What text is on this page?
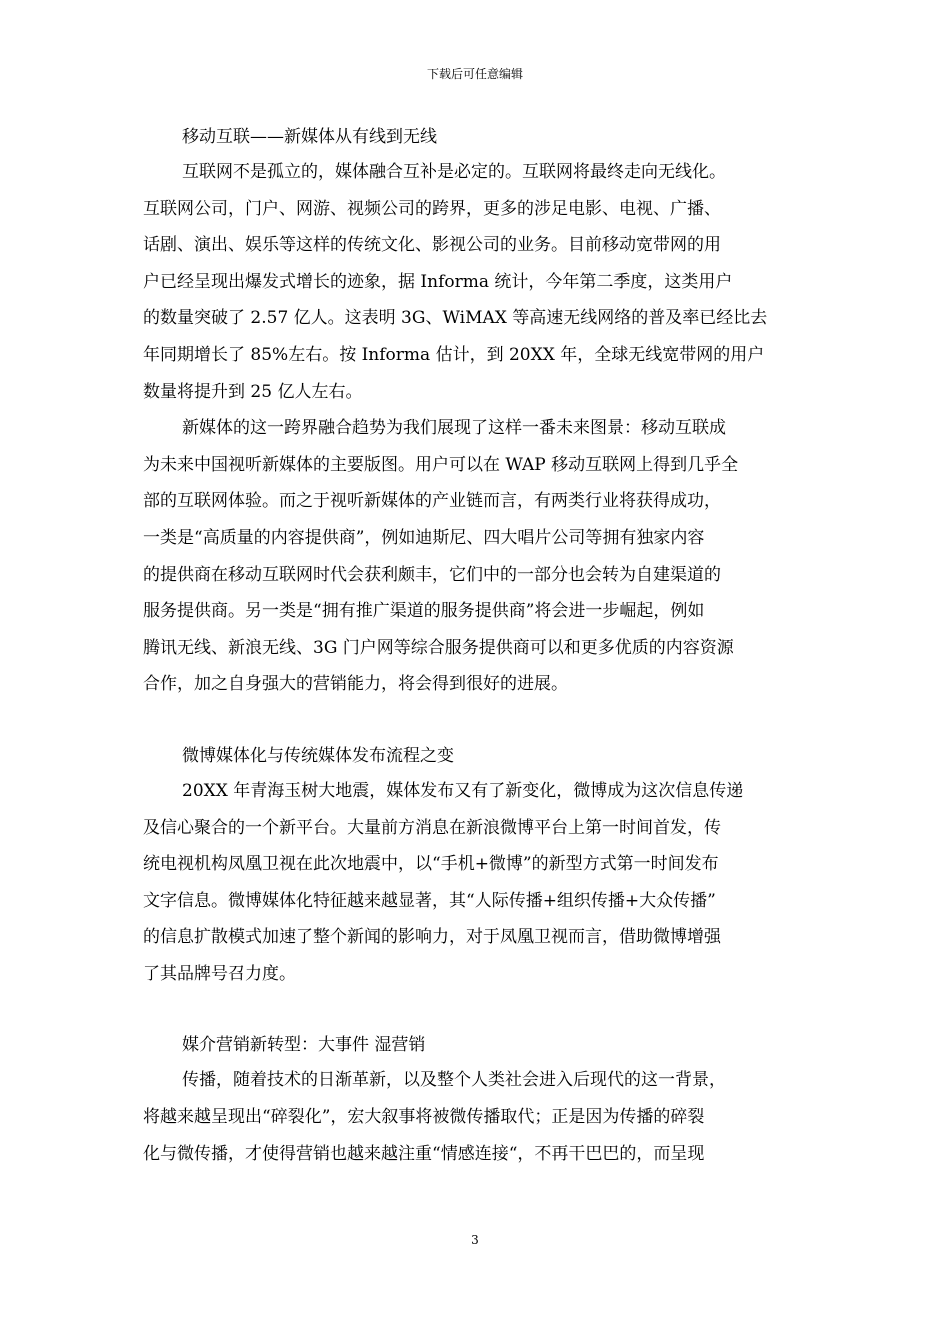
下载后可任意编辑
移动互联——新媒体从有线到无线
互联网不是孤立的，媒体融合互补是必定的。互联网将最终走向无线化。
互联网公司，门户、网游、视频公司的跨界，更多的涉足电影、电视、广播、
话剧、演出、娱乐等这样的传统文化、影视公司的业务。目前移动宽带网的用
户已经呈现出爆发式增长的迹象，据 Informa 统计，今年第二季度，这类用户
的数量突破了 2.57 亿人。这表明 3G、WiMAX 等高速无线网络的普及率已经比去
年同期增长了 85%左右。按 Informa 估计，到 20XX 年，全球无线宽带网的用户
数量将提升到 25 亿人左右。
新媒体的这一跨界融合趋势为我们展现了这样一番未来图景：移动互联成
为未来中国视听新媒体的主要版图。用户可以在 WAP 移动互联网上得到几乎全
部的互联网体验。而之于视听新媒体的产业链而言，有两类行业将获得成功，
一类是“高质量的内容提供商”，例如迪斯尼、四大唱片公司等拥有独家内容
的提供商在移动互联网时代会获利颇丰，它们中的一部分也会转为自建渠道的
服务提供商。另一类是“拥有推广渠道的服务提供商”将会进一步崛起，例如
腾讯无线、新浪无线、3G 门户网等综合服务提供商可以和更多优质的内容资源
合作，加之自身强大的营销能力，将会得到很好的进展。
微博媒体化与传统媒体发布流程之变
20XX 年青海玉树大地震，媒体发布又有了新变化，微博成为这次信息传递
及信心聚合的一个新平台。大量前方消息在新浪微博平台上第一时间首发，传
统电视机构凤凰卫视在此次地震中，以“手机+微博”的新型方式第一时间发布
文字信息。微博媒体化特征越来越显著，其“人际传播+组织传播+大众传播”
的信息扩散模式加速了整个新闻的影响力，对于凤凰卫视而言，借助微博增强
了其品牌号召力度。
媒介营销新转型：大事件 湿营销
传播，随着技术的日渐革新，以及整个人类社会进入后现代的这一背景，
将越来越呈现出“碎裂化”，宏大叙事将被微传播取代；正是因为传播的碎裂
化与微传播，才使得营销也越来越注重“情感连接“，不再干巴巴的，而呈现
3
